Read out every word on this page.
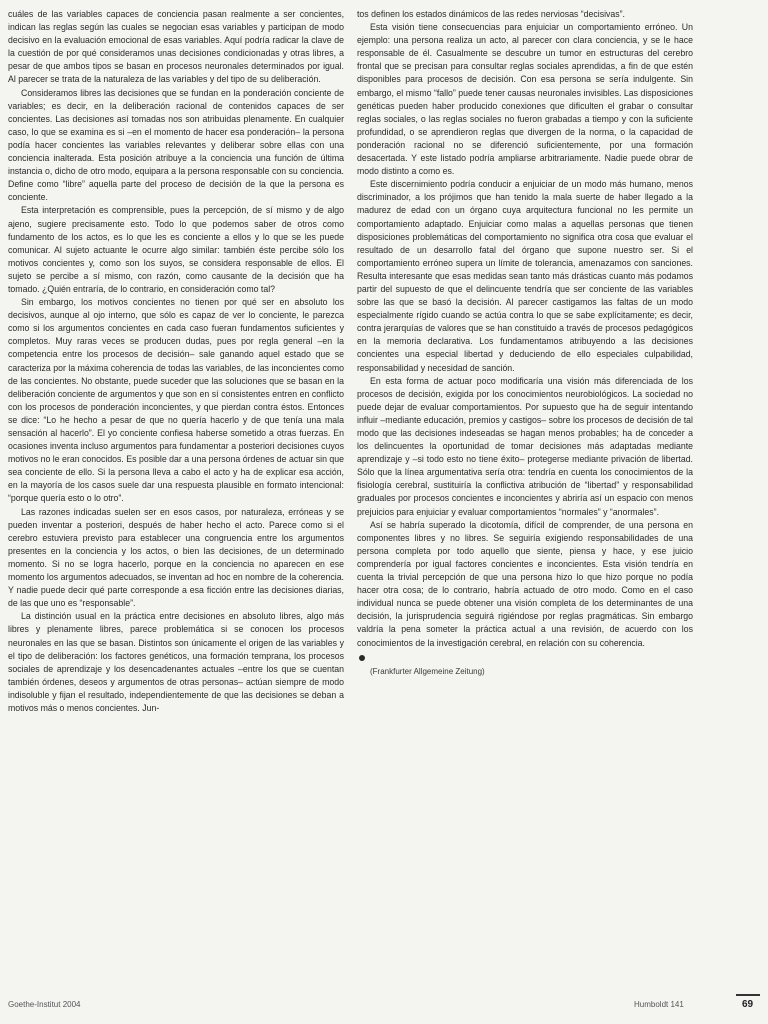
cuáles de las variables capaces de conciencia pasan realmente a ser concientes, indican las reglas según las cuales se negocian esas variables y participan de modo decisivo en la evaluación emocional de esas variables. Aquí podría radicar la clave de la cuestión de por qué consideramos unas decisiones condicionadas y otras libres, a pesar de que ambos tipos se basan en procesos neuronales determinados por igual. Al parecer se trata de la naturaleza de las variables y del tipo de su deliberación.

Consideramos libres las decisiones que se fundan en la ponderación conciente de variables; es decir, en la deliberación racional de contenidos capaces de ser concientes. Las decisiones así tomadas nos son atribuidas plenamente. En cualquier caso, lo que se examina es si –en el momento de hacer esa ponderación– la persona podía hacer concientes las variables relevantes y deliberar sobre ellas con una conciencia inalterada. Esta posición atribuye a la conciencia una función de última instancia o, dicho de otro modo, equipara a la persona responsable con su conciencia. Define como “libre” aquella parte del proceso de decisión de la que la persona es conciente.

Esta interpretación es comprensible, pues la percepción, de sí mismo y de algo ajeno, sugiere precisamente esto. Todo lo que podemos saber de otros como fundamento de los actos, es lo que les es conciente a ellos y lo que se les puede comunicar. Al sujeto actuante le ocurre algo similar: también éste percibe sólo los motivos concientes y, como son los suyos, se considera responsable de ellos. El sujeto se percibe a sí mismo, con razón, como causante de la decisión que ha tomado. ¿Quién entraría, de lo contrario, en consideración como tal?

Sin embargo, los motivos concientes no tienen por qué ser en absoluto los decisivos, aunque al ojo interno, que sólo es capaz de ver lo conciente, le parezca como si los argumentos concientes en cada caso fueran fundamentos suficientes y completos. Muy raras veces se producen dudas, pues por regla general –en la competencia entre los procesos de decisión– sale ganando aquel estado que se caracteriza por la máxima coherencia de todas las variables, de las inconcientes como de las concientes. No obstante, puede suceder que las soluciones que se basan en la deliberación conciente de argumentos y que son en sí consistentes entren en conflicto con los procesos de ponderación inconcientes, y que pierdan contra éstos. Entonces se dice: “Lo he hecho a pesar de que no quería hacerlo y de que tenía una mala sensación al hacerlo”. El yo conciente confiesa haberse sometido a otras fuerzas. En ocasiones inventa incluso argumentos para fundamentar a posteriori decisiones cuyos motivos no le eran conocidos. Es posible dar a una persona órdenes de actuar sin que sea conciente de ello. Si la persona lleva a cabo el acto y ha de explicar esa acción, en la mayoría de los casos suele dar una respuesta plausible en formato intencional: “porque quería esto o lo otro”.

Las razones indicadas suelen ser en esos casos, por naturaleza, erróneas y se pueden inventar a posteriori, después de haber hecho el acto. Parece como si el cerebro estuviera previsto para establecer una congruencia entre los argumentos presentes en la conciencia y los actos, o bien las decisiones, de un determinado momento. Si no se logra hacerlo, porque en la conciencia no aparecen en ese momento los argumentos adecuados, se inventan ad hoc en nombre de la coherencia. Y nadie puede decir qué parte corresponde a esa ficción entre las decisiones diarias, de las que uno es “responsable”.

La distinción usual en la práctica entre decisiones en absoluto libres, algo más libres y plenamente libres, parece problemática si se conocen los procesos neuronales en las que se basan. Distintos son únicamente el origen de las variables y el tipo de deliberación: los factores genéticos, una formación temprana, los procesos sociales de aprendizaje y los desencadenantes actuales –entre los que se cuentan también órdenes, deseos y argumentos de otras personas– actúan siempre de modo indisoluble y fijan el resultado, independientemente de que las decisiones se deban a motivos más o menos concientes. Jun-

tos definen los estados dinámicos de las redes nerviosas “decisivas”.

Esta visión tiene consecuencias para enjuiciar un comportamiento erróneo. Un ejemplo: una persona realiza un acto, al parecer con clara conciencia, y se le hace responsable de él. Casualmente se descubre un tumor en estructuras del cerebro frontal que se precisan para consultar reglas sociales aprendidas, a fin de que estén disponibles para procesos de decisión. Con esa persona se sería indulgente. Sin embargo, el mismo “fallo” puede tener causas neuronales invisibles. Las disposiciones genéticas pueden haber producido conexiones que dificulten el grabar o consultar reglas sociales, o las reglas sociales no fueron grabadas a tiempo y con la suficiente profundidad, o se aprendieron reglas que divergen de la norma, o la capacidad de ponderación racional no se diferenció suficientemente, por una formación desacertada. Y este listado podría ampliarse arbitrariamente. Nadie puede obrar de modo distinto a como es.

Este discernimiento podría conducir a enjuiciar de un modo más humano, menos discriminador, a los prójimos que han tenido la mala suerte de haber llegado a la madurez de edad con un órgano cuya arquitectura funcional no les permite un comportamiento adaptado. Enjuiciar como malas a aquellas personas que tienen disposiciones problemáticas del comportamiento no significa otra cosa que evaluar el resultado de un desarrollo fatal del órgano que supone nuestro ser. Si el comportamiento erróneo supera un límite de tolerancia, amenazamos con sanciones. Resulta interesante que esas medidas sean tanto más drásticas cuanto más podamos partir del supuesto de que el delincuente tendría que ser conciente de las variables sobre las que se basó la decisión. Al parecer castigamos las faltas de un modo especialmente rígido cuando se actúa contra lo que se sabe explícitamente; es decir, contra jerarquías de valores que se han constituido a través de procesos pedagógicos en la memoria declarativa. Los fundamentamos atribuyendo a las decisiones concientes una especial libertad y deduciendo de ello especiales culpabilidad, responsabilidad y necesidad de sanción.

En esta forma de actuar poco modificaría una visión más diferenciada de los procesos de decisión, exigida por los conocimientos neurobiológicos. La sociedad no puede dejar de evaluar comportamientos. Por supuesto que ha de seguir intentando influir –mediante educación, premios y castigos– sobre los procesos de decisión de tal modo que las decisiones indeseadas se hagan menos probables; ha de conceder a los delincuentes la oportunidad de tomar decisiones más adaptadas mediante aprendizaje y –si todo esto no tiene éxito– protegerse mediante privación de libertad. Sólo que la línea argumentativa sería otra: tendría en cuenta los conocimientos de la fisiología cerebral, sustituiría la conflictiva atribución de “libertad” y responsabilidad graduales por procesos concientes e inconcientes y abriría así un espacio con menos prejuicios para enjuiciar y evaluar comportamientos “normales” y “anormales”.

Así se habría superado la dicotomía, difícil de comprender, de una persona en componentes libres y no libres. Se seguiría exigiendo responsabilidades de una persona completa por todo aquello que siente, piensa y hace, y ese juicio comprendería por igual factores concientes e inconcientes. Esta visión tendría en cuenta la trivial percepción de que una persona hizo lo que hizo porque no podía hacer otra cosa; de lo contrario, habría actuado de otro modo. Como en el caso individual nunca se puede obtener una visión completa de los determinantes de una decisión, la jurisprudencia seguirá rigiéndose por reglas pragmáticas. Sin embargo valdría la pena someter la práctica actual a una revisión, de acuerdo con los conocimientos de la investigación cerebral, en relación con su coherencia.

(Frankfurter Allgemeine Zeitung)

Goethe-Institut 2004	Humboldt 141	69
